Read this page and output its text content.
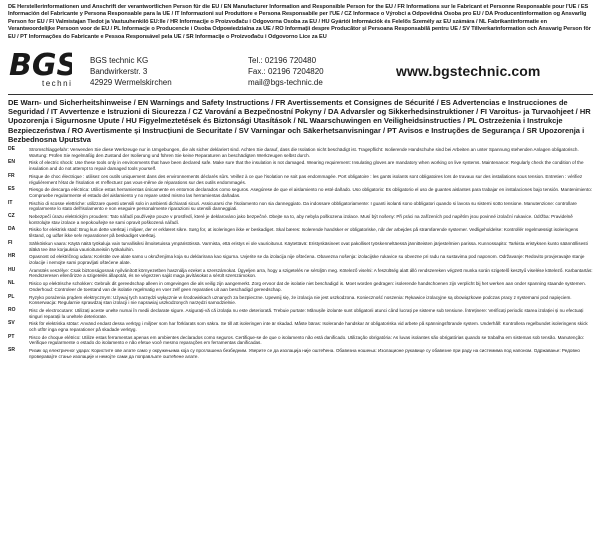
DE Herstellerinformationen und Anschrift der verantwortlichen Person für die EU / EN Manufacturer Information and Responsible Person for the EU / FR Informations sur le Fabricant et Personne Responsable pour l'UE / ES Información del Fabricante y Persona Responsable para la UE / IT Informazioni sul Produttore e Persona Responsabile per l'UE / CZ Informace o Výrobci a Odpovědná Osoba pro EU / DA Producentinformation og Ansvarlig Person for EU / FI Valmistajan Tiedot ja Vastuuhenkilö EU:lle / HR Informacije o Proizvođaču i Odgovorna Osoba za EU / HU Gyártói Információk és Felelős Személy az EU számára / NL Fabrikantinformatie en Verantwoordelijke Persoon voor de EU / PL Informacje o Producencie i Osoba Odpowiedzialna za UE / RO Informații despre Producător și Persoana Responsabilă pentru UE / SV Tillverkarinformation och Ansvarig Person för EU / PT Informações do Fabricante e Pessoa Responsável pela UE / SR Informacije o Proizvođaču i Odgovorno Lice za EU
BGS
techni
BGS technic KG
Bandwirkerstr. 3
42929 Wermelskirchen
Tel.: 02196 720480
Fax.: 02196 7204820
mail@bgs-technic.de
www.bgstechnic.com
DE Warn- und Sicherheitshinweise / EN Warnings and Safety Instructions / FR Avertissements et Consignes de Sécurité / ES Advertencias e Instrucciones de Seguridad / IT Avvertenze e Istruzioni di Sicurezza / CZ Varování a Bezpečnostní Pokyny / DA Advarsler og Sikkerhedsinstruktioner / FI Varoitus- ja Turvaohjeet / HR Upozorenja i Sigurnosne Upute / HU Figyelmeztetések és Biztonsági Utasítások / NL Waarschuwingen en Veiligheidsinstructies / PL Ostrzeżenia i Instrukcje Bezpieczeństwa / RO Avertismente și Instrucțiuni de Securitate / SV Varningar och Säkerhetsanvisningar / PT Avisos e Instruções de Segurança / SR Upozorenja i Bezbednosna Uputstva
DE	Stromschlaggefahr: Verwenden Sie diese Werkzeuge nur in Umgebungen, die als sicher deklariert sind. Achten Sie darauf, dass die Isolation nicht beschädigt ist. Tragepflicht: Isolierende Handschuhe sind bei Arbeiten an unter Spannung stehenden Anlagen obligatorisch. Wartung: Prüfen Sie regelmäßig den Zustand der Isolierung und führen Sie keine Reparaturen an beschädigten Werkzeugen selbst durch.
EN	Risk of electric shock: Use these tools only in environments that have been declared safe. Make sure that the insulation is not damaged. Wearing requirement: Insulating gloves are mandatory when working on live systems. Maintenance: Regularly check the condition of the insulation and do not attempt to repair damaged tools yourself.
FR	Risque de choc électrique : utilisez ces outils uniquement dans des environnements déclarés sûrs. Veillez à ce que l'isolation ne soit pas endommagée. Port obligatoire : les gants isolants sont obligatoires lors de travaux sur des installations sous tension. Entretien : vérifiez régulièrement l'état de l'isolation et n'effectuez pas vous-même de réparations sur des outils endommagés.
ES	Riesgo de descarga eléctrica: Utilice estas herramientas únicamente en entornos declarados como seguros. Asegúrese de que el aislamiento no esté dañado. Uso obligatorio: Es obligatorio el uso de guantes aislantes para trabajar en instalaciones bajo tensión. Mantenimiento: Compruebe regularmente el estado del aislamiento y no repare usted mismo las herramientas dañadas.
IT	Rischio di scosse elettriche: utilizzare questi utensili solo in ambienti dichiarati sicuri. Assicurarsi che l'isolamento non sia danneggiato. Da indossare obbligatoriamente: I guanti isolanti sono obbligatori quando si lavora su sistemi sotto tensione. Manutenzione: controllare regolarmente lo stato dell'isolamento e non eseguire personalmente riparazioni su utensili danneggiati.
CZ	Nebezpečí úrazu elektrickým proudem: Tato nářadí používejte pouze v prostředí, které je deklarováno jako bezpečné. Dbejte na to, aby nebyla poškozena izolace. Musí být nošeny: Při práci na zařízeních pod napětím jsou povinné izolační rukavice. Údržba: Pravidelně kontrolujte stav izolace a nepokoušejte se sami opravit poškozená nářadí.
DA	Risiko for elektrisk stød: Brug kun dette værktøj i miljøer, der er erklæret sikre. Sørg for, at isoleringen ikke er beskadiget. Skal bæres: Isolerende handsker er obligatoriske, når der arbejdes på strømførende systemer. Vedligeholdelse: Kontrollér regelmæssigt isoleringens tilstand, og udfør ikke selv reparationer på beskadiget værktøj.
FI	Sähköiskun vaara: Käytä näitä työkaluja vain turvallisiksi ilmoitetuissa ympäristöissä. Varmista, että eristys ei ole vaurioitunut. Käytettävä: Eristyskäsineet ovat pakolliset työskenneltäessä jännitteisten järjestelmien parissa. Kunnossapito: Tarkista eristyksen kunto säännöllisesti äläkä tee itse korjauksia vaurioituneisiin työkaluihin.
HR	Opasnost od električnog udara: Koristite ove alate samo u okruženjima koja su deklarirana kao sigurna. Uvjerite se da izolacija nije oštećena. Obavezna nošenja: izolacijske rukavice su obvezne pri radu na sustavima pod naponom. Održavanje: Redovito provjeravajte stanje izolacije i nemojte sami popravljati oštećene alate.
HU	Áramütés veszélye: Csak biztonságosnak nyilvánított környezetben használja ezeket a szerszámokat. Ügyeljen arra, hogy a szigetelés ne sérüljön meg. Kötelező viselni: A feszültség alatt álló rendszereken végzett munka során szigetelő kesztyű viselése kötelező. Karbantartás: Rendszeresen ellenőrizze a szigetelés állapotát, és ne végezzen saját maga javításokat a sérült szerszámokon.
NL	Risico op elektrische schokken: Gebruik dit gereedschap alleen in omgevingen die als veilig zijn aangemerkt. Zorg ervoor dat de isolatie niet beschadigd is. Moet worden gedragen: isolerende handschoenen zijn verplicht bij het werken aan onder spanning staande systemen. Onderhoud: Controleer de toestand van de isolatie regelmatig en voer zelf geen reparaties uit aan beschadigd gereedschap.
PL	Ryzyko porażenia prądem elektrycznym: Używaj tych narzędzi wyłącznie w środowiskach uznanych za bezpieczne. Upewnij się, że izolacja nie jest uszkodzona. Konieczność noszenia: Rękawice izolacyjne są obowiązkowe podczas pracy z systemami pod napięciem. Konserwacja: Regularnie sprawdzaj stan izolacji i nie naprawiaj uszkodzonych narzędzi samodzielnie.
RO	Risc de electrocutare: Utilizați aceste unelte numai în medii declarate sigure. Asigurați-vă că izolația nu este deteriorată. Trebuie purtate: Mănușile izolante sunt obligatorii atunci când lucrați pe sisteme sub tensiune. Întreținere: Verificați periodic starea izolației și nu efectuați singuri reparații la uneltele deteriorate.
SV	Risk för elektriska stötar: Använd endast dessa verktyg i miljöer som har förklarats som säkra. Se till att isoleringen inte är skadad. Måste bäras: Isolerande handskar är obligatoriska vid arbete på spänningsförande system. Underhåll: Kontrollera regelbundet isoleringens skick och utför inga egna reparationer på skadade verktyg.
PT	Risco de choque elétrico: Utilize estas ferramentas apenas em ambientes declarados como seguros. Certifique-se de que o isolamento não está danificado. Utilização obrigatória: As luvas isolantes são obrigatórias quando se trabalha em sistemas sob tensão. Manutenção: Verifique regularmente o estado do isolamento e não efetue você mesmo reparações em ferramentas danificadas.
SR	Ризик од електричног удара: Користите ове алате само у окружењима која су проглашена безбедним. Уверите се да изолација није оштећена. Обавезна ношења: Изолационе рукавице су обавезне при раду на системима под напоном. Одржавање: Редовно проверавајте стање изолације и немојте сами да поправљате оштећене алате.
